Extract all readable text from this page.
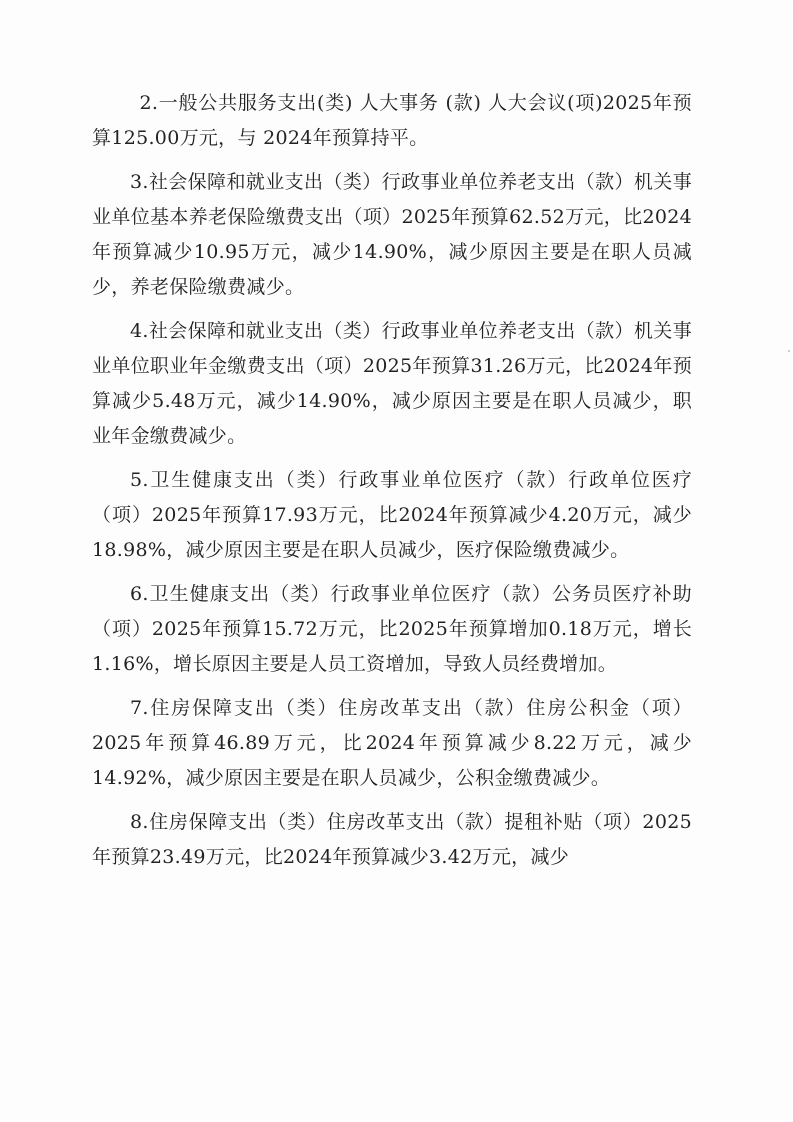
2.一般公共服务支出(类) 人大事务 (款) 人大会议(项)2025年预算125.00万元，与 2024年预算持平。

3.社会保障和就业支出（类）行政事业单位养老支出（款）机关事业单位基本养老保险缴费支出（项）2025年预算62.52万元，比2024年预算减少10.95万元，减少14.90%，减少原因主要是在职人员减少，养老保险缴费减少。

4.社会保障和就业支出（类）行政事业单位养老支出（款）机关事业单位职业年金缴费支出（项）2025年预算31.26万元，比2024年预算减少5.48万元，减少14.90%，减少原因主要是在职人员减少，职业年金缴费减少。

5.卫生健康支出（类）行政事业单位医疗（款）行政单位医疗（项）2025年预算17.93万元，比2024年预算减少4.20万元，减少18.98%，减少原因主要是在职人员减少，医疗保险缴费减少。

6.卫生健康支出（类）行政事业单位医疗（款）公务员医疗补助（项）2025年预算15.72万元，比2025年预算增加0.18万元，增长1.16%，增长原因主要是人员工资增加，导致人员经费增加。

7.住房保障支出（类）住房改革支出（款）住房公积金（项）2025年预算46.89万元，比2024年预算减少8.22万元，减少14.92%，减少原因主要是在职人员减少，公积金缴费减少。

8.住房保障支出（类）住房改革支出（款）提租补贴（项）2025年预算23.49万元，比2024年预算减少3.42万元，减少
